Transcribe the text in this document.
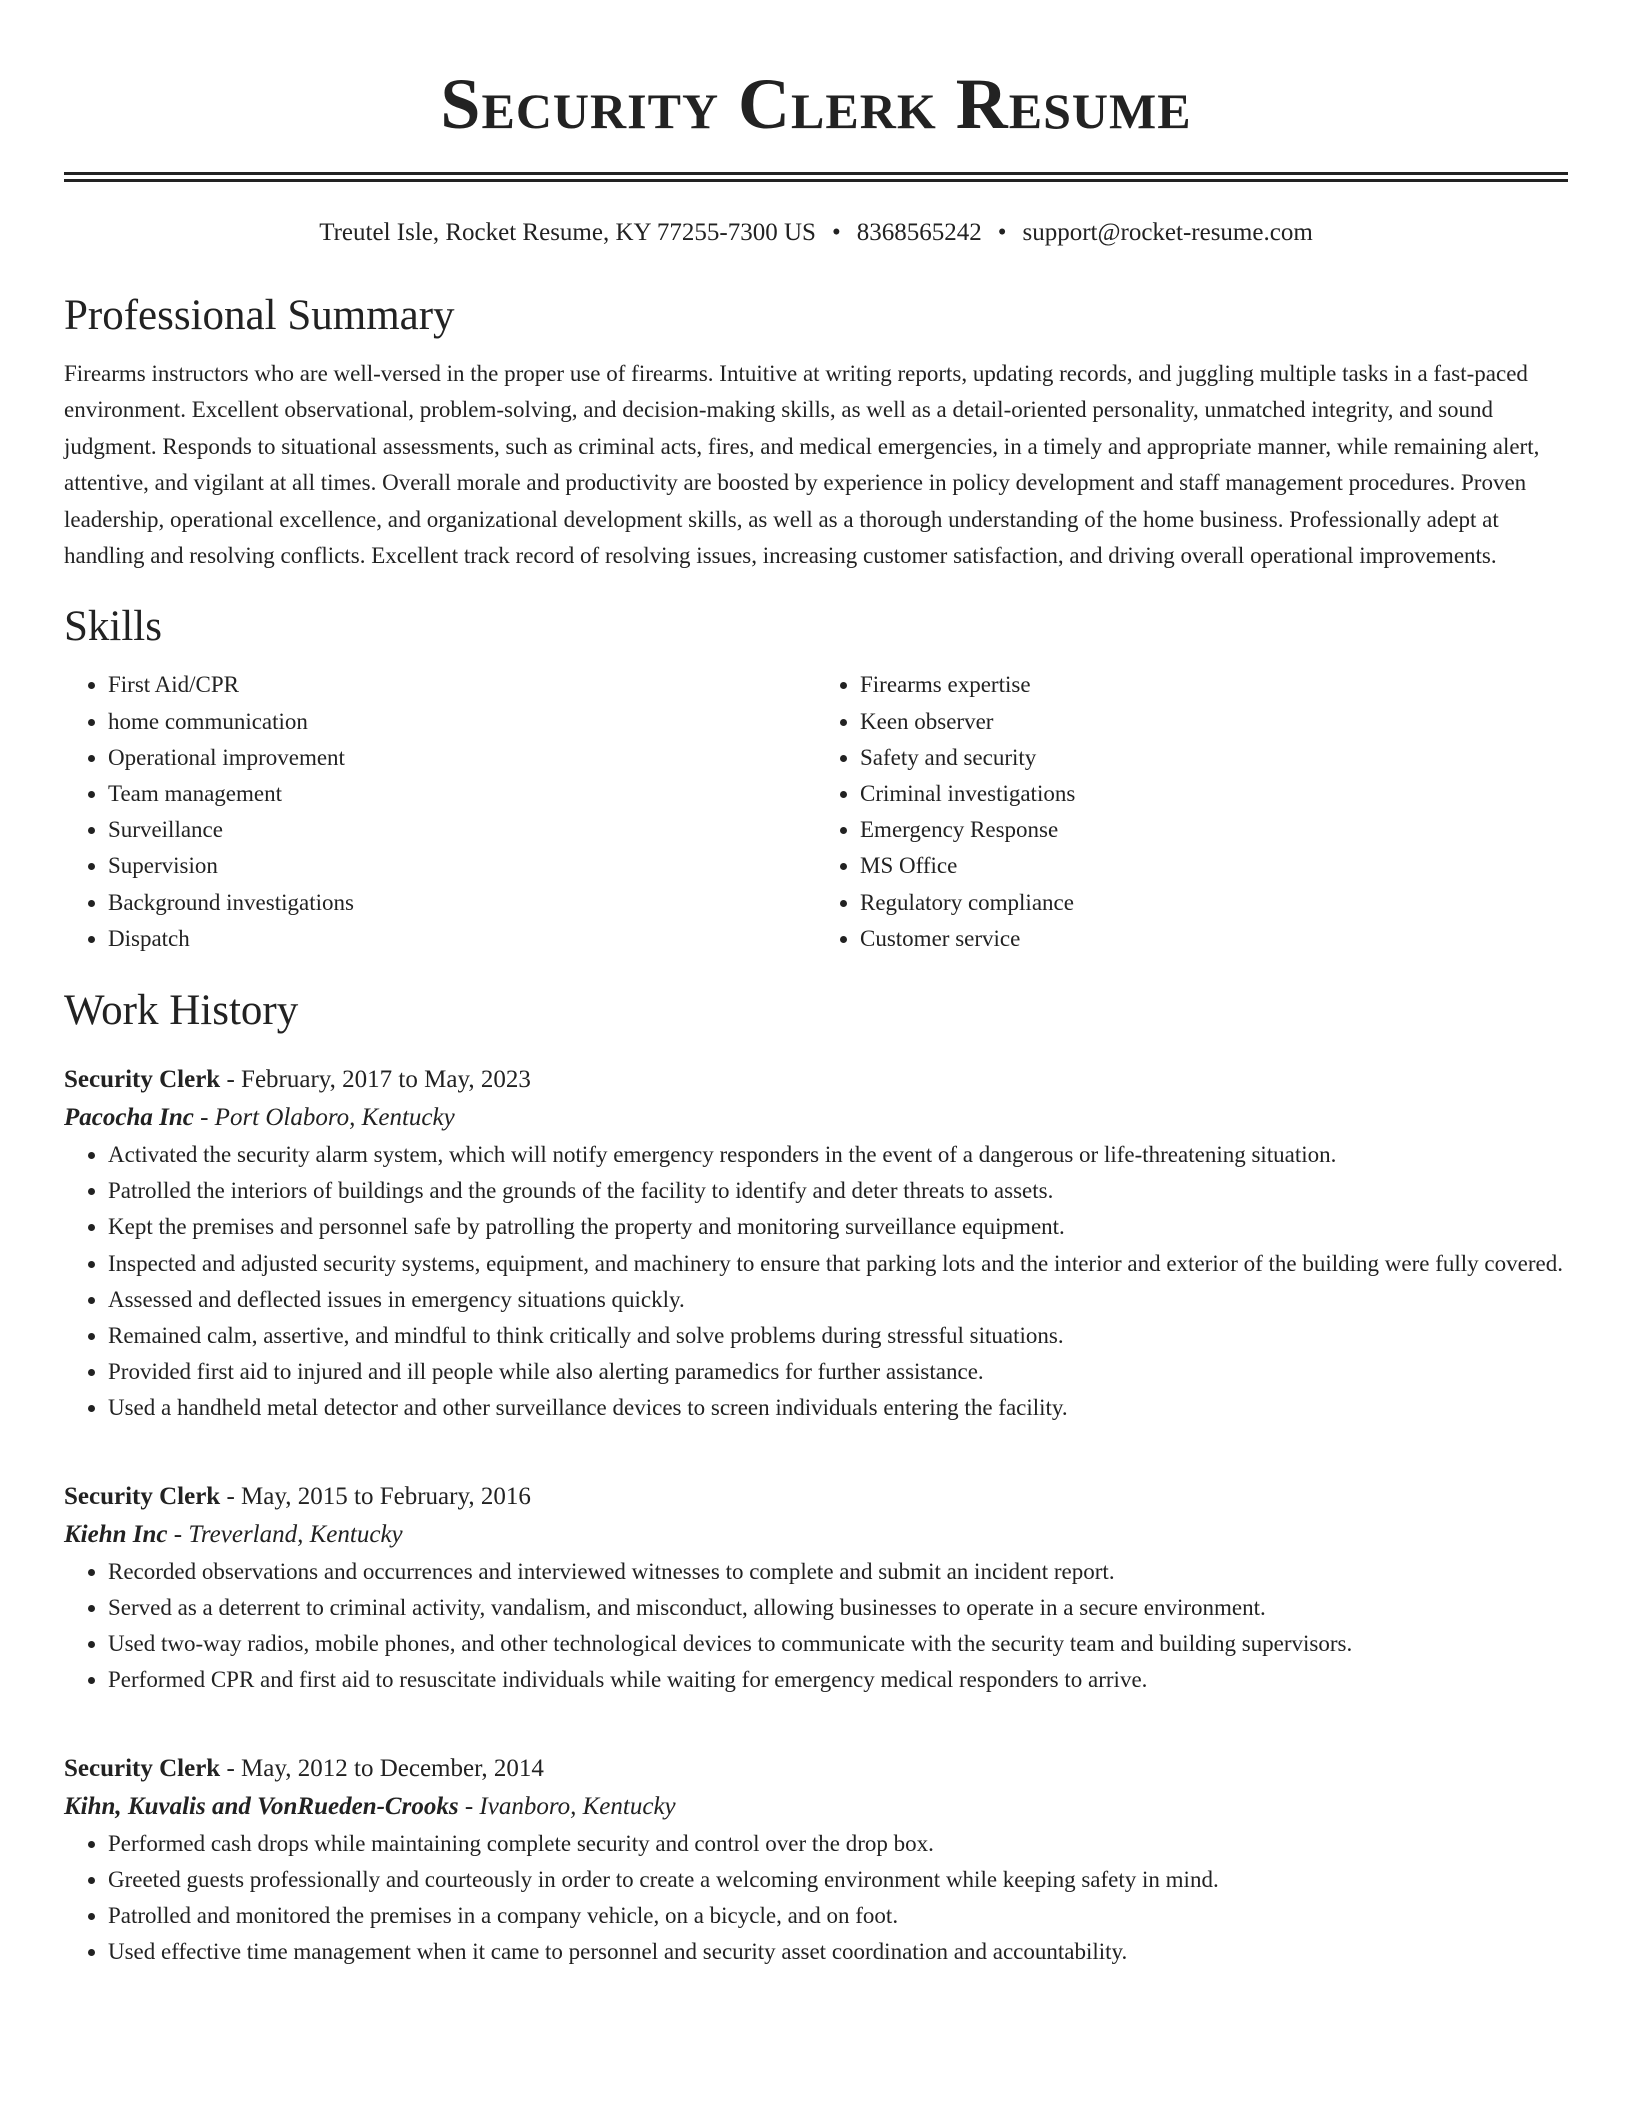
Security Clerk Resume
Treutel Isle, Rocket Resume, KY 77255-7300 US • 8368565242 • support@rocket-resume.com
Professional Summary

Firearms instructors who are well-versed in the proper use of firearms. Intuitive at writing reports, updating records, and juggling multiple tasks in a fast-paced environment. Excellent observational, problem-solving, and decision-making skills, as well as a detail-oriented personality, unmatched integrity, and sound judgment. Responds to situational assessments, such as criminal acts, fires, and medical emergencies, in a timely and appropriate manner, while remaining alert, attentive, and vigilant at all times. Overall morale and productivity are boosted by experience in policy development and staff management procedures. Proven leadership, operational excellence, and organizational development skills, as well as a thorough understanding of the home business. Professionally adept at handling and resolving conflicts. Excellent track record of resolving issues, increasing customer satisfaction, and driving overall operational improvements.

Skills
• First Aid/CPR
• home communication
• Operational improvement
• Team management
• Surveillance
• Supervision
• Background investigations
• Dispatch
• Firearms expertise
• Keen observer
• Safety and security
• Criminal investigations
• Emergency Response
• MS Office
• Regulatory compliance
• Customer service
Work History

Security Clerk - February, 2017 to May, 2023

Pacocha Inc - Port Olaboro, Kentucky

• Activated the security alarm system, which will notify emergency responders in the event of a dangerous or life-threatening situation.
• Patrolled the interiors of buildings and the grounds of the facility to identify and deter threats to assets.
• Kept the premises and personnel safe by patrolling the property and monitoring surveillance equipment.
• Inspected and adjusted security systems, equipment, and machinery to ensure that parking lots and the interior and exterior of the building were fully covered.
• Assessed and deflected issues in emergency situations quickly.
• Remained calm, assertive, and mindful to think critically and solve problems during stressful situations.
• Provided first aid to injured and ill people while also alerting paramedics for further assistance.
• Used a handheld metal detector and other surveillance devices to screen individuals entering the facility.

Security Clerk - May, 2015 to February, 2016

Kiehn Inc - Treverland, Kentucky

• Recorded observations and occurrences and interviewed witnesses to complete and submit an incident report.
• Served as a deterrent to criminal activity, vandalism, and misconduct, allowing businesses to operate in a secure environment.
• Used two-way radios, mobile phones, and other technological devices to communicate with the security team and building supervisors.
• Performed CPR and first aid to resuscitate individuals while waiting for emergency medical responders to arrive.

Security Clerk - May, 2012 to December, 2014

Kihn, Kuvalis and VonRueden-Crooks - Ivanboro, Kentucky

• Performed cash drops while maintaining complete security and control over the drop box.
• Greeted guests professionally and courteously in order to create a welcoming environment while keeping safety in mind.
• Patrolled and monitored the premises in a company vehicle, on a bicycle, and on foot.
• Used effective time management when it came to personnel and security asset coordination and accountability.
